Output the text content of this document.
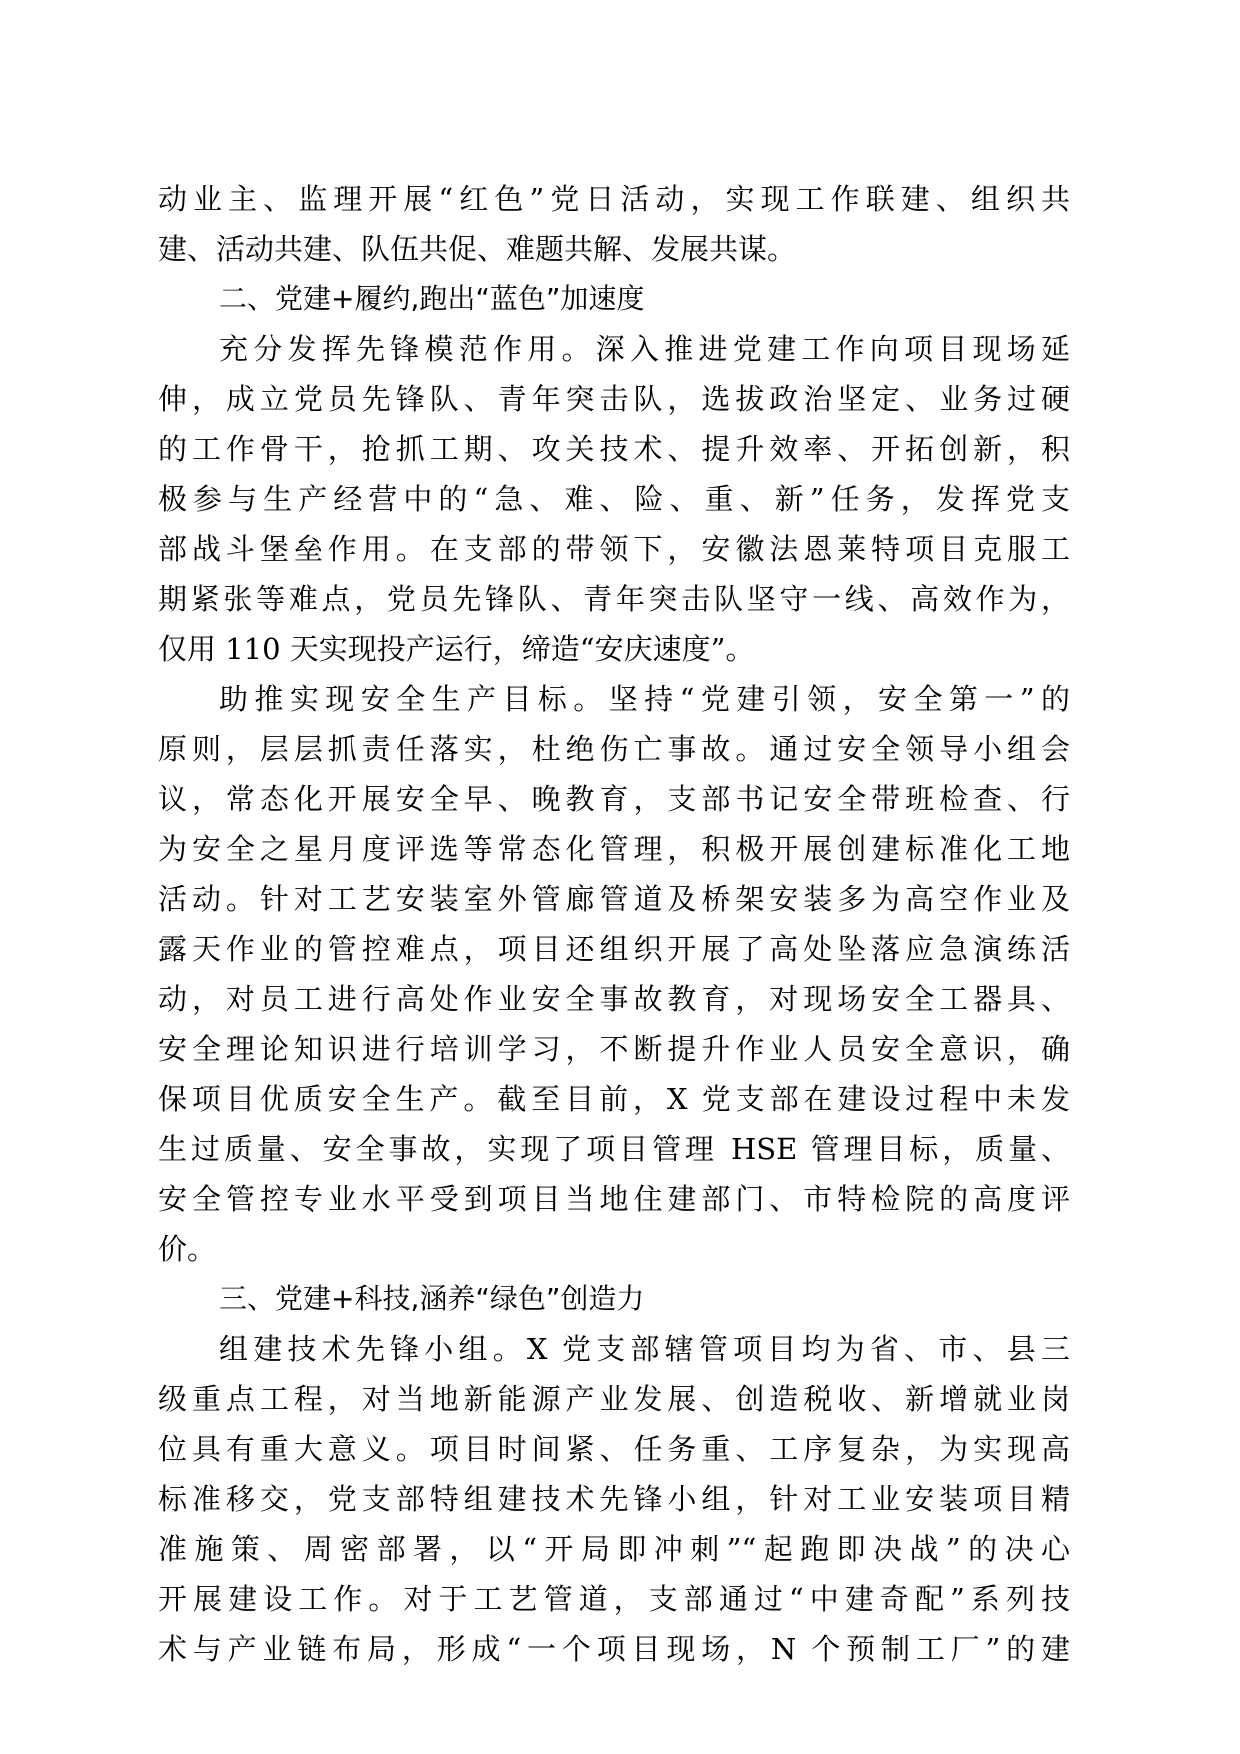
动业主、监理开展“红色”党日活动，实现工作联建、组织共

建、活动共建、队伍共促、难题共解、发展共谋。

二、党建+履约,跑出“蓝色”加速度

充分发挥先锋模范作用。深入推进党建工作向项目现场延

伸，成立党员先锋队、青年突击队，选拔政治坚定、业务过硬

的工作骨干，抢抓工期、攻关技术、提升效率、开拓创新，积

极参与生产经营中的“急、难、险、重、新”任务，发挥党支

部战斗堡垒作用。在支部的带领下，安徽法恩莱特项目克服工

期紧张等难点，党员先锋队、青年突击队坚守一线、高效作为，

仅用 110 天实现投产运行，缔造“安庆速度”。

助推实现安全生产目标。坚持“党建引领，安全第一”的

原则，层层抓责任落实，杜绝伤亡事故。通过安全领导小组会

议，常态化开展安全早、晚教育，支部书记安全带班检查、行

为安全之星月度评选等常态化管理，积极开展创建标准化工地

活动。针对工艺安装室外管廊管道及桥架安装多为高空作业及

露天作业的管控难点，项目还组织开展了高处坠落应急演练活

动，对员工进行高处作业安全事故教育，对现场安全工器具、

安全理论知识进行培训学习，不断提升作业人员安全意识，确

保项目优质安全生产。截至目前，X 党支部在建设过程中未发

生过质量、安全事故，实现了项目管理 HSE 管理目标，质量、

安全管控专业水平受到项目当地住建部门、市特检院的高度评

价。

三、党建+科技,涵养“绿色”创造力

组建技术先锋小组。X 党支部辖管项目均为省、市、县三

级重点工程，对当地新能源产业发展、创造税收、新增就业岗

位具有重大意义。项目时间紧、任务重、工序复杂，为实现高

标准移交，党支部特组建技术先锋小组，针对工业安装项目精

准施策、周密部署，以“开局即冲刺”“起跑即决战”的决心

开展建设工作。对于工艺管道，支部通过“中建奇配”系列技

术与产业链布局，形成“一个项目现场，N 个预制工厂”的建
